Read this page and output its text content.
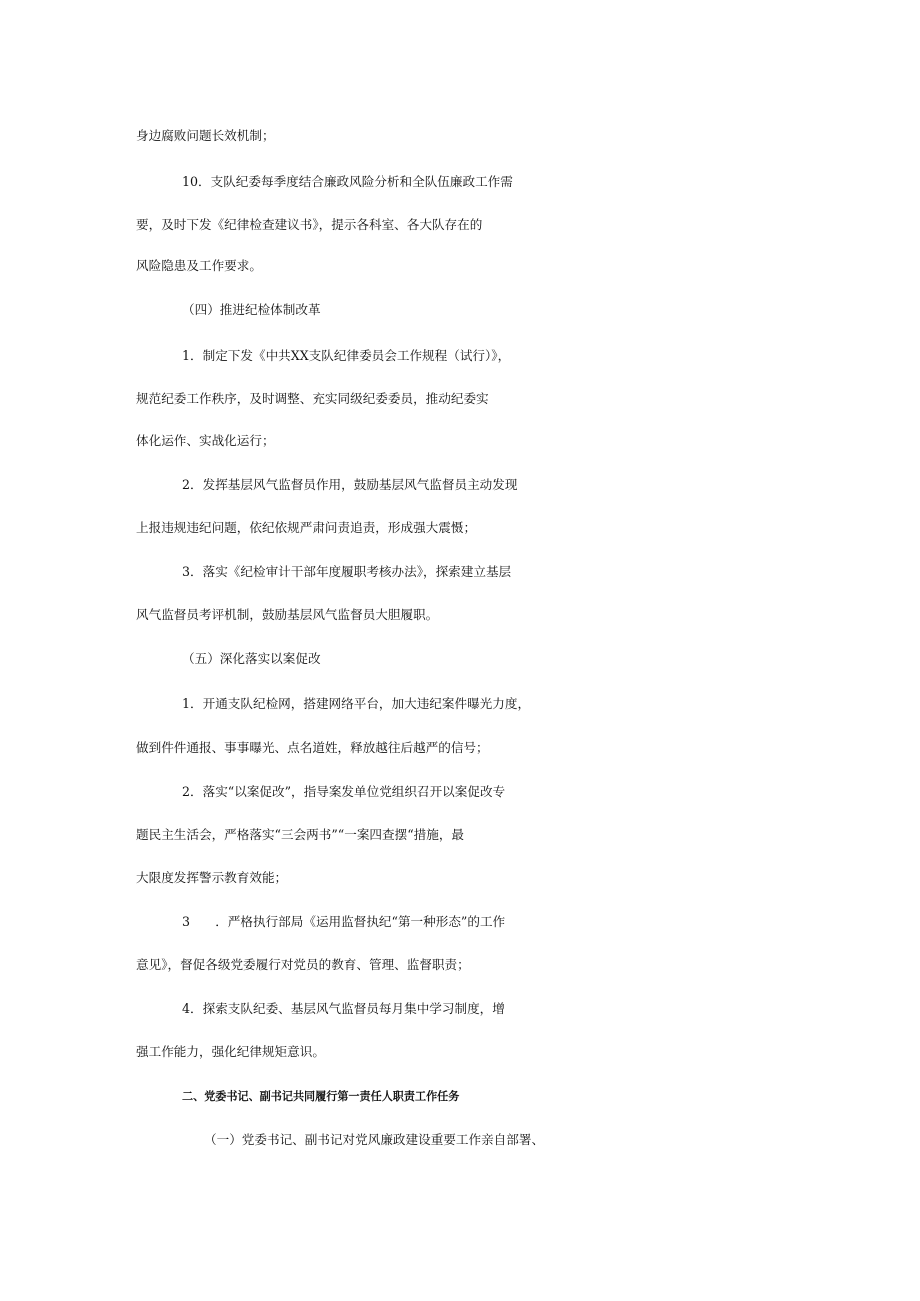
身边腐败问题长效机制；
10．支队纪委每季度结合廉政风险分析和全队伍廉政工作需
要，及时下发《纪律检查建议书》，提示各科室、各大队存在的
风险隐患及工作要求。
（四）推进纪检体制改革
1．制定下发《中共XX支队纪律委员会工作规程（试行）》，
规范纪委工作秩序，及时调整、充实同级纪委委员，推动纪委实
体化运作、实战化运行；
2．发挥基层风气监督员作用，鼓励基层风气监督员主动发现
上报违规违纪问题，依纪依规严肃问责追责，形成强大震慑；
3．落实《纪检审计干部年度履职考核办法》，探索建立基层
风气监督员考评机制，鼓励基层风气监督员大胆履职。
（五）深化落实以案促改
1．开通支队纪检网，搭建网络平台，加大违纪案件曝光力度，
做到件件通报、事事曝光、点名道姓，释放越往后越严的信号；
2．落实“以案促改”，指导案发单位党组织召开以案促改专
题民主生活会，严格落实“三会两书”“一案四查摆“措施，最
大限度发挥警示教育效能；
3　　．严格执行部局《运用监督执纪“第一种形态”的工作
意见》，督促各级党委履行对党员的教育、管理、监督职责；
4．探索支队纪委、基层风气监督员每月集中学习制度，增
强工作能力，强化纪律规矩意识。
二、党委书记、副书记共同履行第一责任人职责工作任务
（一）党委书记、副书记对党风廉政建设重要工作亲自部署、
